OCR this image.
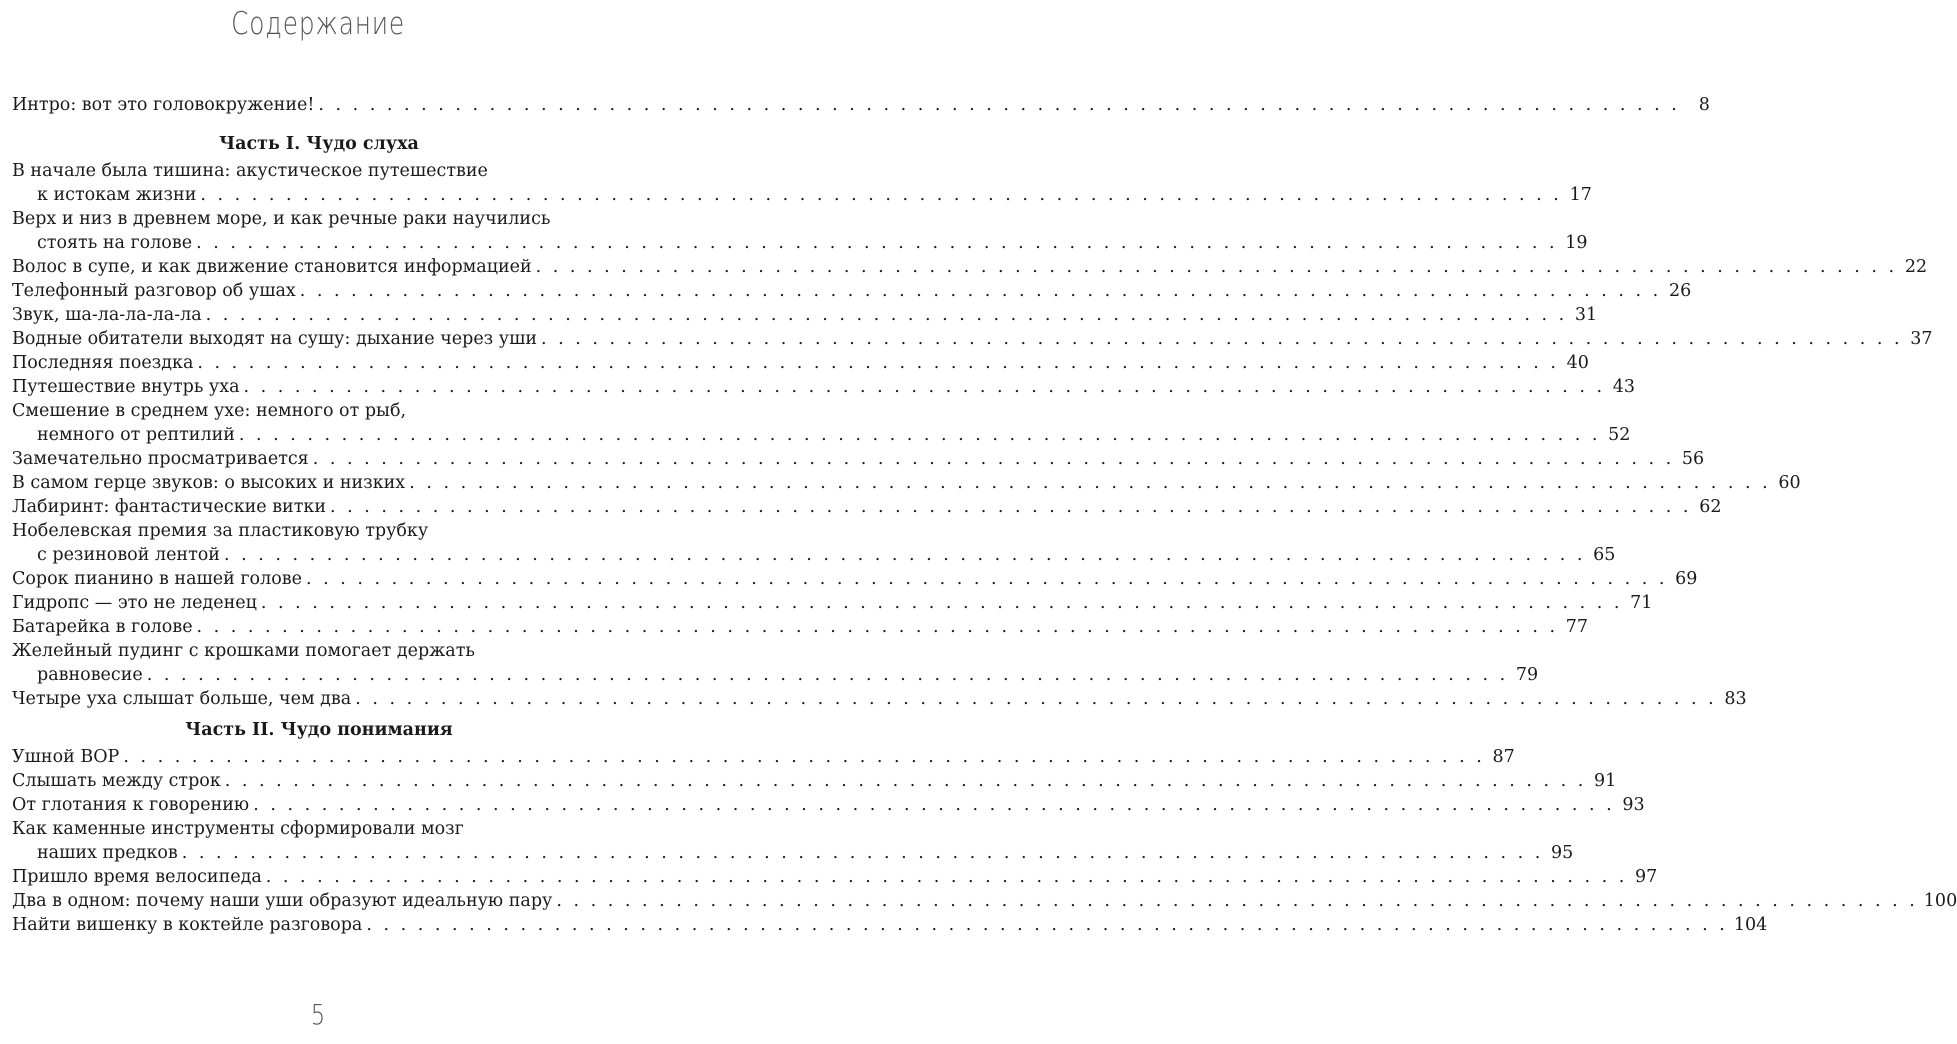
Содержание
Интро: вот это головокружение! . . . . . . . . . . . . . . . . . . . . . . . . . . . . . . . . . . . . . . . . . . . . . . . . . . . . . . . . . . . . . . . . . . . . . . . . . . . . . . . .	8
Часть I. Чудо слуха
В начале была тишина: акустическое путешествие
к истокам жизни . . . . . . . . . . . . . . . . . . . . . . . . . . . . . . . . . . . . . . . . . . . . . . . . . . . . . . . . . . . . . . . . . . . . . . . . . . . . . . . . 17
Верх и низ в древнем море, и как речные раки научились
стоять на голове . . . . . . . . . . . . . . . . . . . . . . . . . . . . . . . . . . . . . . . . . . . . . . . . . . . . . . . . . . . . . . . . . . . . . . . . . . . . . . . . 19
Волос в супе, и как движение становится информацией . . . . . . . . . . . . . . . . . . . . . . . . . . . . . . . . . . . . . . . . . . . . . . . . . . . . . . . . . . . . . . . . . . . . . . . . . . . . . . . . 22
Телефонный разговор об ушах . . . . . . . . . . . . . . . . . . . . . . . . . . . . . . . . . . . . . . . . . . . . . . . . . . . . . . . . . . . . . . . . . . . . . . . . . . . . . . . . 26
Звук, ша-ла-ла-ла-ла . . . . . . . . . . . . . . . . . . . . . . . . . . . . . . . . . . . . . . . . . . . . . . . . . . . . . . . . . . . . . . . . . . . . . . . . . . . . . . . . 31
Водные обитатели выходят на сушу: дыхание через уши . . . . . . . . . . . . . . . . . . . . . . . . . . . . . . . . . . . . . . . . . . . . . . . . . . . . . . . . . . . . . . . . . . . . . . . . . . . . . . . . 37
Последняя поездка . . . . . . . . . . . . . . . . . . . . . . . . . . . . . . . . . . . . . . . . . . . . . . . . . . . . . . . . . . . . . . . . . . . . . . . . . . . . . . . . 40
Путешествие внутрь уха . . . . . . . . . . . . . . . . . . . . . . . . . . . . . . . . . . . . . . . . . . . . . . . . . . . . . . . . . . . . . . . . . . . . . . . . . . . . . . . . 43
Смешение в среднем ухе: немного от рыб,
немного от рептилий . . . . . . . . . . . . . . . . . . . . . . . . . . . . . . . . . . . . . . . . . . . . . . . . . . . . . . . . . . . . . . . . . . . . . . . . . . . . . . . . 52
Замечательно просматривается . . . . . . . . . . . . . . . . . . . . . . . . . . . . . . . . . . . . . . . . . . . . . . . . . . . . . . . . . . . . . . . . . . . . . . . . . . . . . . . . 56
В самом герце звуков: о высоких и низких . . . . . . . . . . . . . . . . . . . . . . . . . . . . . . . . . . . . . . . . . . . . . . . . . . . . . . . . . . . . . . . . . . . . . . . . . . . . . . . . 60
Лабиринт: фантастические витки . . . . . . . . . . . . . . . . . . . . . . . . . . . . . . . . . . . . . . . . . . . . . . . . . . . . . . . . . . . . . . . . . . . . . . . . . . . . . . . . 62
Нобелевская премия за пластиковую трубку
с резиновой лентой . . . . . . . . . . . . . . . . . . . . . . . . . . . . . . . . . . . . . . . . . . . . . . . . . . . . . . . . . . . . . . . . . . . . . . . . . . . . . . . . 65
Сорок пианино в нашей голове . . . . . . . . . . . . . . . . . . . . . . . . . . . . . . . . . . . . . . . . . . . . . . . . . . . . . . . . . . . . . . . . . . . . . . . . . . . . . . . . 69
Гидропс — это не леденец . . . . . . . . . . . . . . . . . . . . . . . . . . . . . . . . . . . . . . . . . . . . . . . . . . . . . . . . . . . . . . . . . . . . . . . . . . . . . . . . 71
Батарейка в голове . . . . . . . . . . . . . . . . . . . . . . . . . . . . . . . . . . . . . . . . . . . . . . . . . . . . . . . . . . . . . . . . . . . . . . . . . . . . . . . . 77
Желейный пудинг с крошками помогает держать
равновесие . . . . . . . . . . . . . . . . . . . . . . . . . . . . . . . . . . . . . . . . . . . . . . . . . . . . . . . . . . . . . . . . . . . . . . . . . . . . . . . . 79
Четыре уха слышат больше, чем два . . . . . . . . . . . . . . . . . . . . . . . . . . . . . . . . . . . . . . . . . . . . . . . . . . . . . . . . . . . . . . . . . . . . . . . . . . . . . . . . 83
Часть II. Чудо понимания
Ушной ВОР . . . . . . . . . . . . . . . . . . . . . . . . . . . . . . . . . . . . . . . . . . . . . . . . . . . . . . . . . . . . . . . . . . . . . . . . . . . . . . . . 87
Слышать между строк . . . . . . . . . . . . . . . . . . . . . . . . . . . . . . . . . . . . . . . . . . . . . . . . . . . . . . . . . . . . . . . . . . . . . . . . . . . . . . . . 91
От глотания к говорению . . . . . . . . . . . . . . . . . . . . . . . . . . . . . . . . . . . . . . . . . . . . . . . . . . . . . . . . . . . . . . . . . . . . . . . . . . . . . . . . 93
Как каменные инструменты сформировали мозг
наших предков . . . . . . . . . . . . . . . . . . . . . . . . . . . . . . . . . . . . . . . . . . . . . . . . . . . . . . . . . . . . . . . . . . . . . . . . . . . . . . . . 95
Пришло время велосипеда . . . . . . . . . . . . . . . . . . . . . . . . . . . . . . . . . . . . . . . . . . . . . . . . . . . . . . . . . . . . . . . . . . . . . . . . . . . . . . . . 97
Два в одном: почему наши уши образуют идеальную пару . . . . . . . . . . . . . . . . . . . . . . . . . . . . . . . . . . . . . . . . . . . . . . . . . . . . . . . . . . . . . . . . . . . . . . . . . . . . . . . . 100
Найти вишенку в коктейле разговора . . . . . . . . . . . . . . . . . . . . . . . . . . . . . . . . . . . . . . . . . . . . . . . . . . . . . . . . . . . . . . . . . . . . . . . . . . . . . . . . 104
5
